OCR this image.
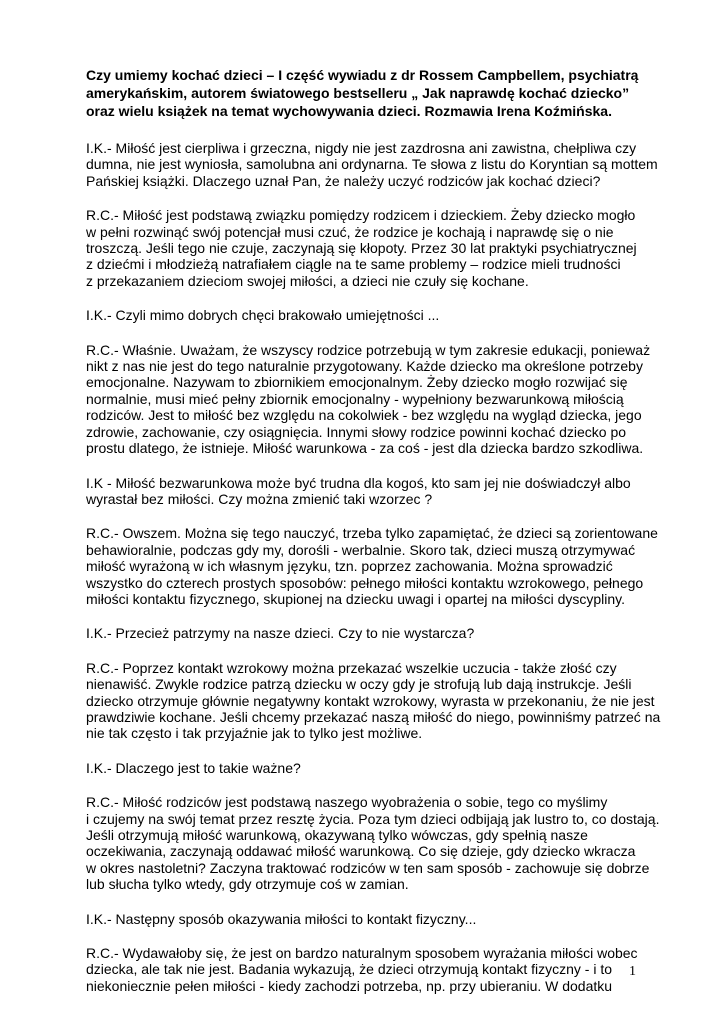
Czy umiemy kochać dzieci – I część wywiadu z dr Rossem Campbellem, psychiatrą
amerykańskim, autorem światowego bestselleru „ Jak naprawdę kochać dziecko”
oraz wielu książek na temat wychowywania dzieci. Rozmawia Irena Koźmińska.

I.K.- Miłość jest cierpliwa i grzeczna, nigdy nie jest zazdrosna ani zawistna, chełpliwa czy
dumna, nie jest wyniosła, samolubna ani ordynarna. Te słowa z listu do Koryntian są mottem
Pańskiej książki. Dlaczego uznał Pan, że należy uczyć rodziców jak kochać dzieci?

R.C.- Miłość jest podstawą związku pomiędzy rodzicem i dzieckiem. Żeby dziecko mogło
w pełni rozwinąć swój potencjał musi czuć, że rodzice je kochają i naprawdę się o nie
troszczą. Jeśli tego nie czuje, zaczynają się kłopoty. Przez 30 lat praktyki psychiatrycznej
z dziećmi i młodzieżą natrafiałem ciągle na te same problemy – rodzice mieli trudności
z przekazaniem dzieciom swojej miłości, a dzieci nie czuły się kochane.

I.K.- Czyli mimo dobrych chęci brakowało umiejętności ...

R.C.- Właśnie. Uważam, że wszyscy rodzice potrzebują w tym zakresie edukacji, ponieważ
nikt z nas nie jest do tego naturalnie przygotowany. Każde dziecko ma określone potrzeby
emocjonalne. Nazywam to zbiornikiem emocjonalnym. Żeby dziecko mogło rozwijać się
normalnie, musi mieć pełny zbiornik emocjonalny - wypełniony bezwarunkową miłością
rodziców. Jest to miłość bez względu na cokolwiek - bez względu na wygląd dziecka, jego
zdrowie, zachowanie, czy osiągnięcia. Innymi słowy rodzice powinni kochać dziecko po
prostu dlatego, że istnieje. Miłość warunkowa - za coś - jest dla dziecka bardzo szkodliwa.

I.K - Miłość bezwarunkowa może być trudna dla kogoś, kto sam jej nie doświadczył albo
wyrastał bez miłości. Czy można zmienić taki wzorzec ?

R.C.- Owszem. Można się tego nauczyć, trzeba tylko zapamiętać, że dzieci są zorientowane
behawioralnie, podczas gdy my, dorośli - werbalnie. Skoro tak, dzieci muszą otrzymywać
miłość wyrażoną w ich własnym języku, tzn. poprzez zachowania. Można sprowadzić
wszystko do czterech prostych sposobów: pełnego miłości kontaktu wzrokowego, pełnego
miłości kontaktu fizycznego, skupionej na dziecku uwagi i opartej na miłości dyscypliny.

I.K.- Przecież patrzymy na nasze dzieci. Czy to nie wystarcza?

R.C.- Poprzez kontakt wzrokowy można przekazać wszelkie uczucia - także złość czy
nienawiść. Zwykle rodzice patrzą dziecku w oczy gdy je strofują lub dają instrukcje. Jeśli
dziecko otrzymuje głównie negatywny kontakt wzrokowy, wyrasta w przekonaniu, że nie jest
prawdziwie kochane. Jeśli chcemy przekazać naszą miłość do niego, powinniśmy patrzeć na
nie tak często i tak przyjaźnie jak to tylko jest możliwe.

I.K.- Dlaczego jest to takie ważne?

R.C.- Miłość rodziców jest podstawą naszego wyobrażenia o sobie, tego co myślimy
i czujemy na swój temat przez resztę życia. Poza tym dzieci odbijają jak lustro to, co dostają.
Jeśli otrzymują miłość warunkową, okazywaną tylko wówczas, gdy spełnią nasze
oczekiwania, zaczynają oddawać miłość warunkową. Co się dzieje, gdy dziecko wkracza
w okres nastoletni? Zaczyna traktować rodziców w ten sam sposób - zachowuje się dobrze
lub słucha tylko wtedy, gdy otrzymuje coś w zamian.

I.K.- Następny sposób okazywania miłości to kontakt fizyczny...

R.C.- Wydawałoby się, że jest on bardzo naturalnym sposobem wyrażania miłości wobec
dziecka, ale tak nie jest. Badania wykazują, że dzieci otrzymują kontakt fizyczny - i to
niekoniecznie pełen miłości - kiedy zachodzi potrzeba, np. przy ubieraniu. W dodatku

1
